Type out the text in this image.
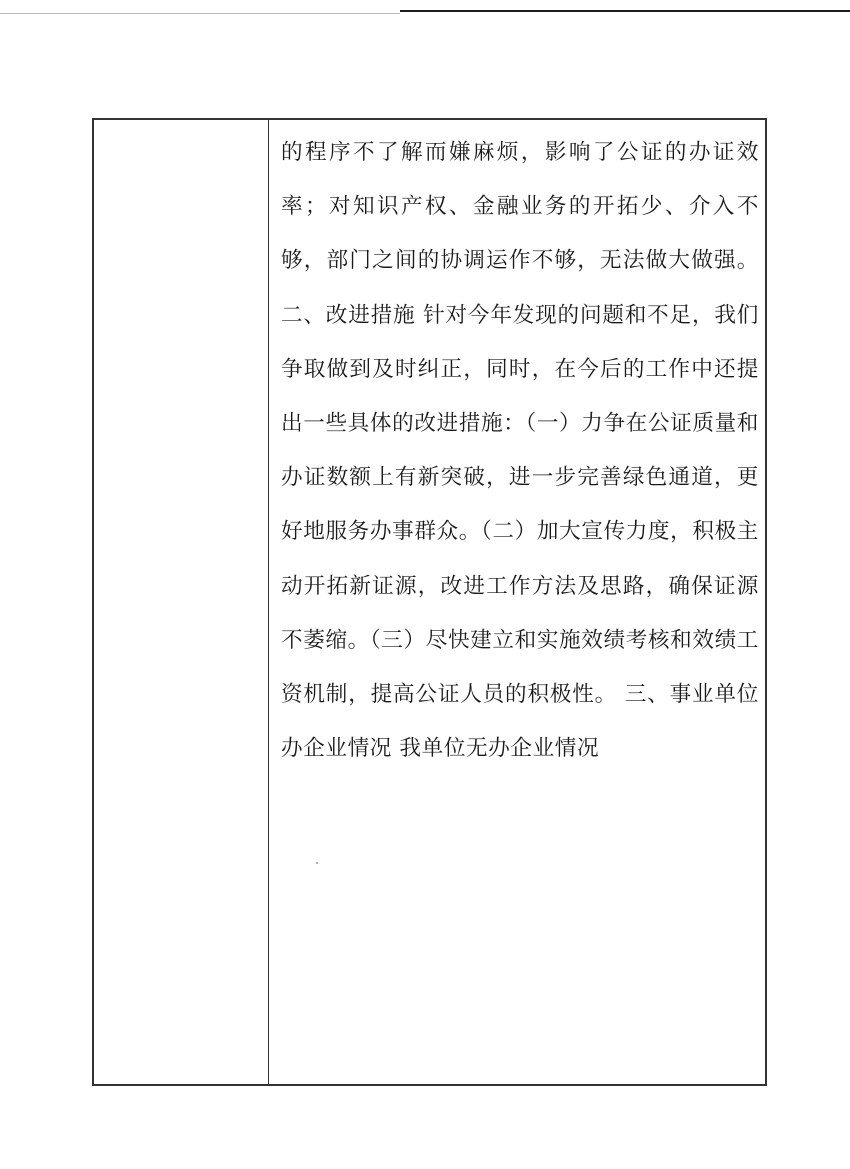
的程序不了解而嫌麻烦，影响了公证的办证效率；对知识产权、金融业务的开拓少、介入不够，部门之间的协调运作不够，无法做大做强。 二、改进措施 针对今年发现的问题和不足，我们争取做到及时纠正，同时，在今后的工作中还提出一些具体的改进措施：（一）力争在公证质量和办证数额上有新突破，进一步完善绿色通道，更好地服务办事群众。（二）加大宣传力度，积极主动开拓新证源，改进工作方法及思路，确保证源不萎缩。（三）尽快建立和实施效绩考核和效绩工资机制，提高公证人员的积极性。 三、事业单位办企业情况 我单位无办企业情况
